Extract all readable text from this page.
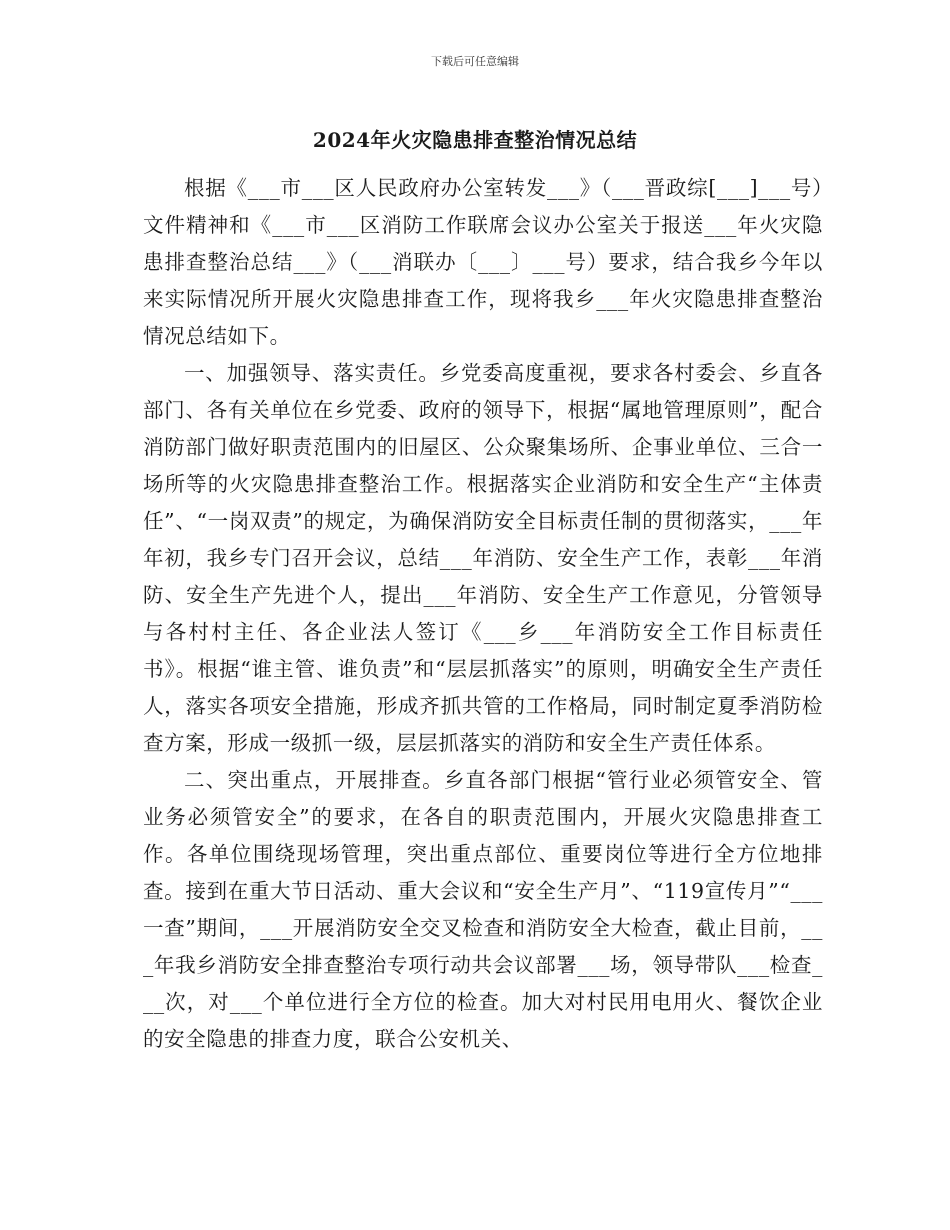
下载后可任意编辑
2024年火灾隐患排查整治情况总结

根据《___市___区人民政府办公室转发___》（___晋政综[___]___号）文件精神和《___市___区消防工作联席会议办公室关于报送___年火灾隐患排查整治总结___》（___消联办〔___〕___号）要求，结合我乡今年以来实际情况所开展火灾隐患排查工作，现将我乡___年火灾隐患排查整治情况总结如下。

一、加强领导、落实责任。乡党委高度重视，要求各村委会、乡直各部门、各有关单位在乡党委、政府的领导下，根据“属地管理原则”，配合消防部门做好职责范围内的旧屋区、公众聚集场所、企事业单位、三合一场所等的火灾隐患排查整治工作。根据落实企业消防和安全生产“主体责任”、“一岗双责”的规定，为确保消防安全目标责任制的贯彻落实，___年年初，我乡专门召开会议，总结___年消防、安全生产工作，表彰___年消防、安全生产先进个人，提出___年消防、安全生产工作意见，分管领导与各村村主任、各企业法人签订《___乡___年消防安全工作目标责任书》。根据“谁主管、谁负责”和“层层抓落实”的原则，明确安全生产责任人，落实各项安全措施，形成齐抓共管的工作格局，同时制定夏季消防检查方案，形成一级抓一级，层层抓落实的消防和安全生产责任体系。

二、突出重点，开展排查。乡直各部门根据“管行业必须管安全、管业务必须管安全”的要求，在各自的职责范围内，开展火灾隐患排查工作。各单位围绕现场管理，突出重点部位、重要岗位等进行全方位地排查。接到在重大节日活动、重大会议和“安全生产月”、“119宣传月”“___一查”期间，___开展消防安全交叉检查和消防安全大检查，截止目前，___年我乡消防安全排查整治专项行动共会议部署___场，领导带队___检查___次，对___个单位进行全方位的检查。加大对村民用电用火、餐饮企业的安全隐患的排查力度，联合公安机关、
